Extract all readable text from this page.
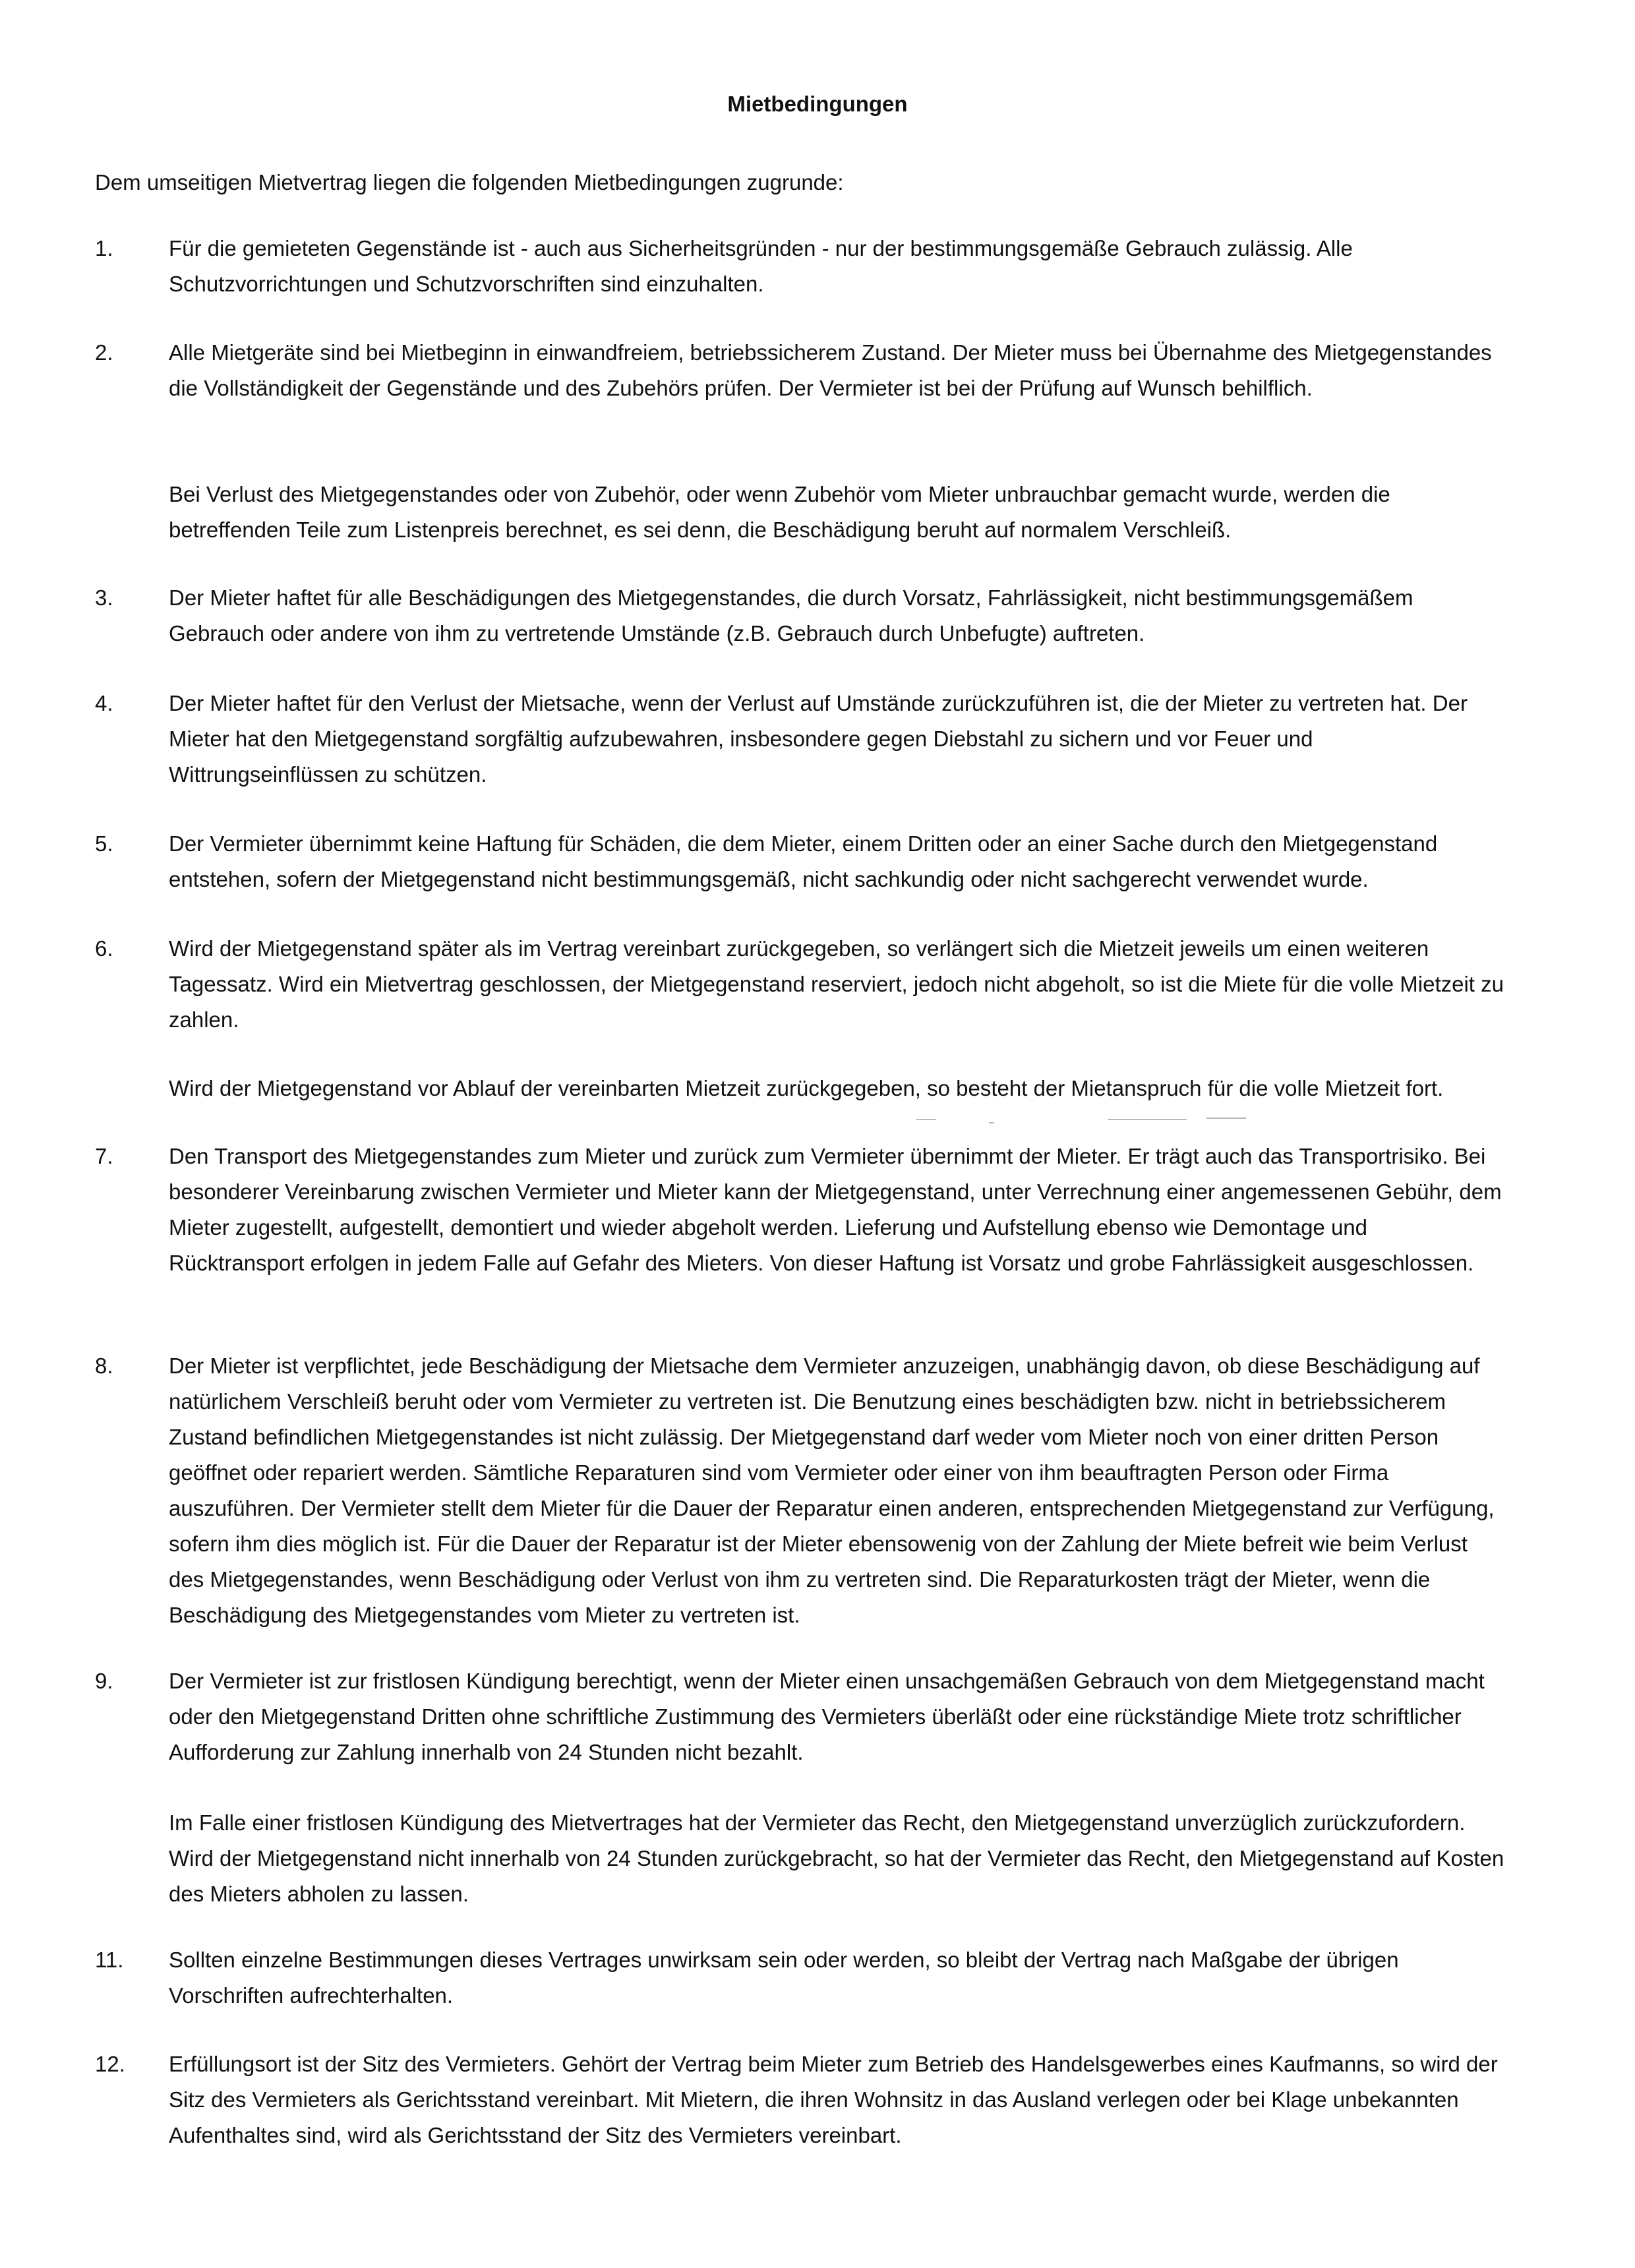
Mietbedingungen
Dem umseitigen Mietvertrag liegen die folgenden Mietbedingungen zugrunde:
1.	Für die gemieteten Gegenstände ist - auch aus Sicherheitsgründen - nur der bestimmungsgemäße Gebrauch zulässig. Alle Schutzvorrichtungen und Schutzvorschriften sind einzuhalten.

2.	Alle Mietgeräte sind bei Mietbeginn in einwandfreiem, betriebssicherem Zustand. Der Mieter muss bei Übernahme des Mietgegenstandes die Vollständigkeit der Gegenstände und des Zubehörs prüfen. Der Vermieter ist bei der Prüfung auf Wunsch behilflich.

Bei Verlust des Mietgegenstandes oder von Zubehör, oder wenn Zubehör vom Mieter unbrauchbar gemacht wurde, werden die betreffenden Teile zum Listenpreis berechnet, es sei denn, die Beschädigung beruht auf normalem Verschleiß.

3.	Der Mieter haftet für alle Beschädigungen des Mietgegenstandes, die durch Vorsatz, Fahrlässigkeit, nicht bestimmungsgemäßem Gebrauch oder andere von ihm zu vertretende Umstände (z.B. Gebrauch durch Unbefugte) auftreten.

4.	Der Mieter haftet für den Verlust der Mietsache, wenn der Verlust auf Umstände zurückzuführen ist, die der Mieter zu vertreten hat. Der Mieter hat den Mietgegenstand sorgfältig aufzubewahren, insbesondere gegen Diebstahl zu sichern und vor Feuer und Wittrungseinflüssen zu schützen.

5.	Der Vermieter übernimmt keine Haftung für Schäden, die dem Mieter, einem Dritten oder an einer Sache durch den Mietgegenstand entstehen, sofern der Mietgegenstand nicht bestimmungsgemäß, nicht sachkundig oder nicht sachgerecht verwendet wurde.

6.	Wird der Mietgegenstand später als im Vertrag vereinbart zurückgegeben, so verlängert sich die Mietzeit jeweils um einen weiteren Tagessatz. Wird ein Mietvertrag geschlossen, der Mietgegenstand reserviert, jedoch nicht abgeholt, so ist die Miete für die volle Mietzeit zu zahlen.

Wird der Mietgegenstand vor Ablauf der vereinbarten Mietzeit zurückgegeben, so besteht der Mietanspruch für die volle Mietzeit fort.

7.	Den Transport des Mietgegenstandes zum Mieter und zurück zum Vermieter übernimmt der Mieter. Er trägt auch das Transportrisiko. Bei besonderer Vereinbarung zwischen Vermieter und Mieter kann der Mietgegenstand, unter Verrechnung einer angemessenen Gebühr, dem Mieter zugestellt, aufgestellt, demontiert und wieder abgeholt werden. Lieferung und Aufstellung ebenso wie Demontage und Rücktransport erfolgen in jedem Falle auf Gefahr des Mieters. Von dieser Haftung ist Vorsatz und grobe Fahrlässigkeit ausgeschlossen.

8.	Der Mieter ist verpflichtet, jede Beschädigung der Mietsache dem Vermieter anzuzeigen, unabhängig davon, ob diese Beschädigung auf natürlichem Verschleiß beruht oder vom Vermieter zu vertreten ist. Die Benutzung eines beschädigten bzw. nicht in betriebssicherem Zustand befindlichen Mietgegenstandes ist nicht zulässig. Der Mietgegenstand darf weder vom Mieter noch von einer dritten Person geöffnet oder repariert werden. Sämtliche Reparaturen sind vom Vermieter oder einer von ihm beauftragten Person oder Firma auszuführen. Der Vermieter stellt dem Mieter für die Dauer der Reparatur einen anderen, entsprechenden Mietgegenstand zur Verfügung, sofern ihm dies möglich ist. Für die Dauer der Reparatur ist der Mieter ebensowenig von der Zahlung der Miete befreit wie beim Verlust des Mietgegenstandes, wenn Beschädigung oder Verlust von ihm zu vertreten sind. Die Reparaturkosten trägt der Mieter, wenn die Beschädigung des Mietgegenstandes vom Mieter zu vertreten ist.

9.	Der Vermieter ist zur fristlosen Kündigung berechtigt, wenn der Mieter einen unsachgemäßen Gebrauch von dem Mietgegenstand macht oder den Mietgegenstand Dritten ohne schriftliche Zustimmung des Vermieters überläßt oder eine rückständige Miete trotz schriftlicher Aufforderung zur Zahlung innerhalb von 24 Stunden nicht bezahlt.

Im Falle einer fristlosen Kündigung des Mietvertrages hat der Vermieter das Recht, den Mietgegenstand unverzüglich zurückzufordern. Wird der Mietgegenstand nicht innerhalb von 24 Stunden zurückgebracht, so hat der Vermieter das Recht, den Mietgegenstand auf Kosten des Mieters abholen zu lassen.

11. Sollten einzelne Bestimmungen dieses Vertrages unwirksam sein oder werden, so bleibt der Vertrag nach Maßgabe der übrigen Vorschriften aufrechterhalten.

12. Erfüllungsort ist der Sitz des Vermieters. Gehört der Vertrag beim Mieter zum Betrieb des Handelsgewerbes eines Kaufmanns, so wird der Sitz des Vermieters als Gerichtsstand vereinbart. Mit Mietern, die ihren Wohnsitz in das Ausland verlegen oder bei Klage unbekannten Aufenthaltes sind, wird als Gerichtsstand der Sitz des Vermieters vereinbart.
